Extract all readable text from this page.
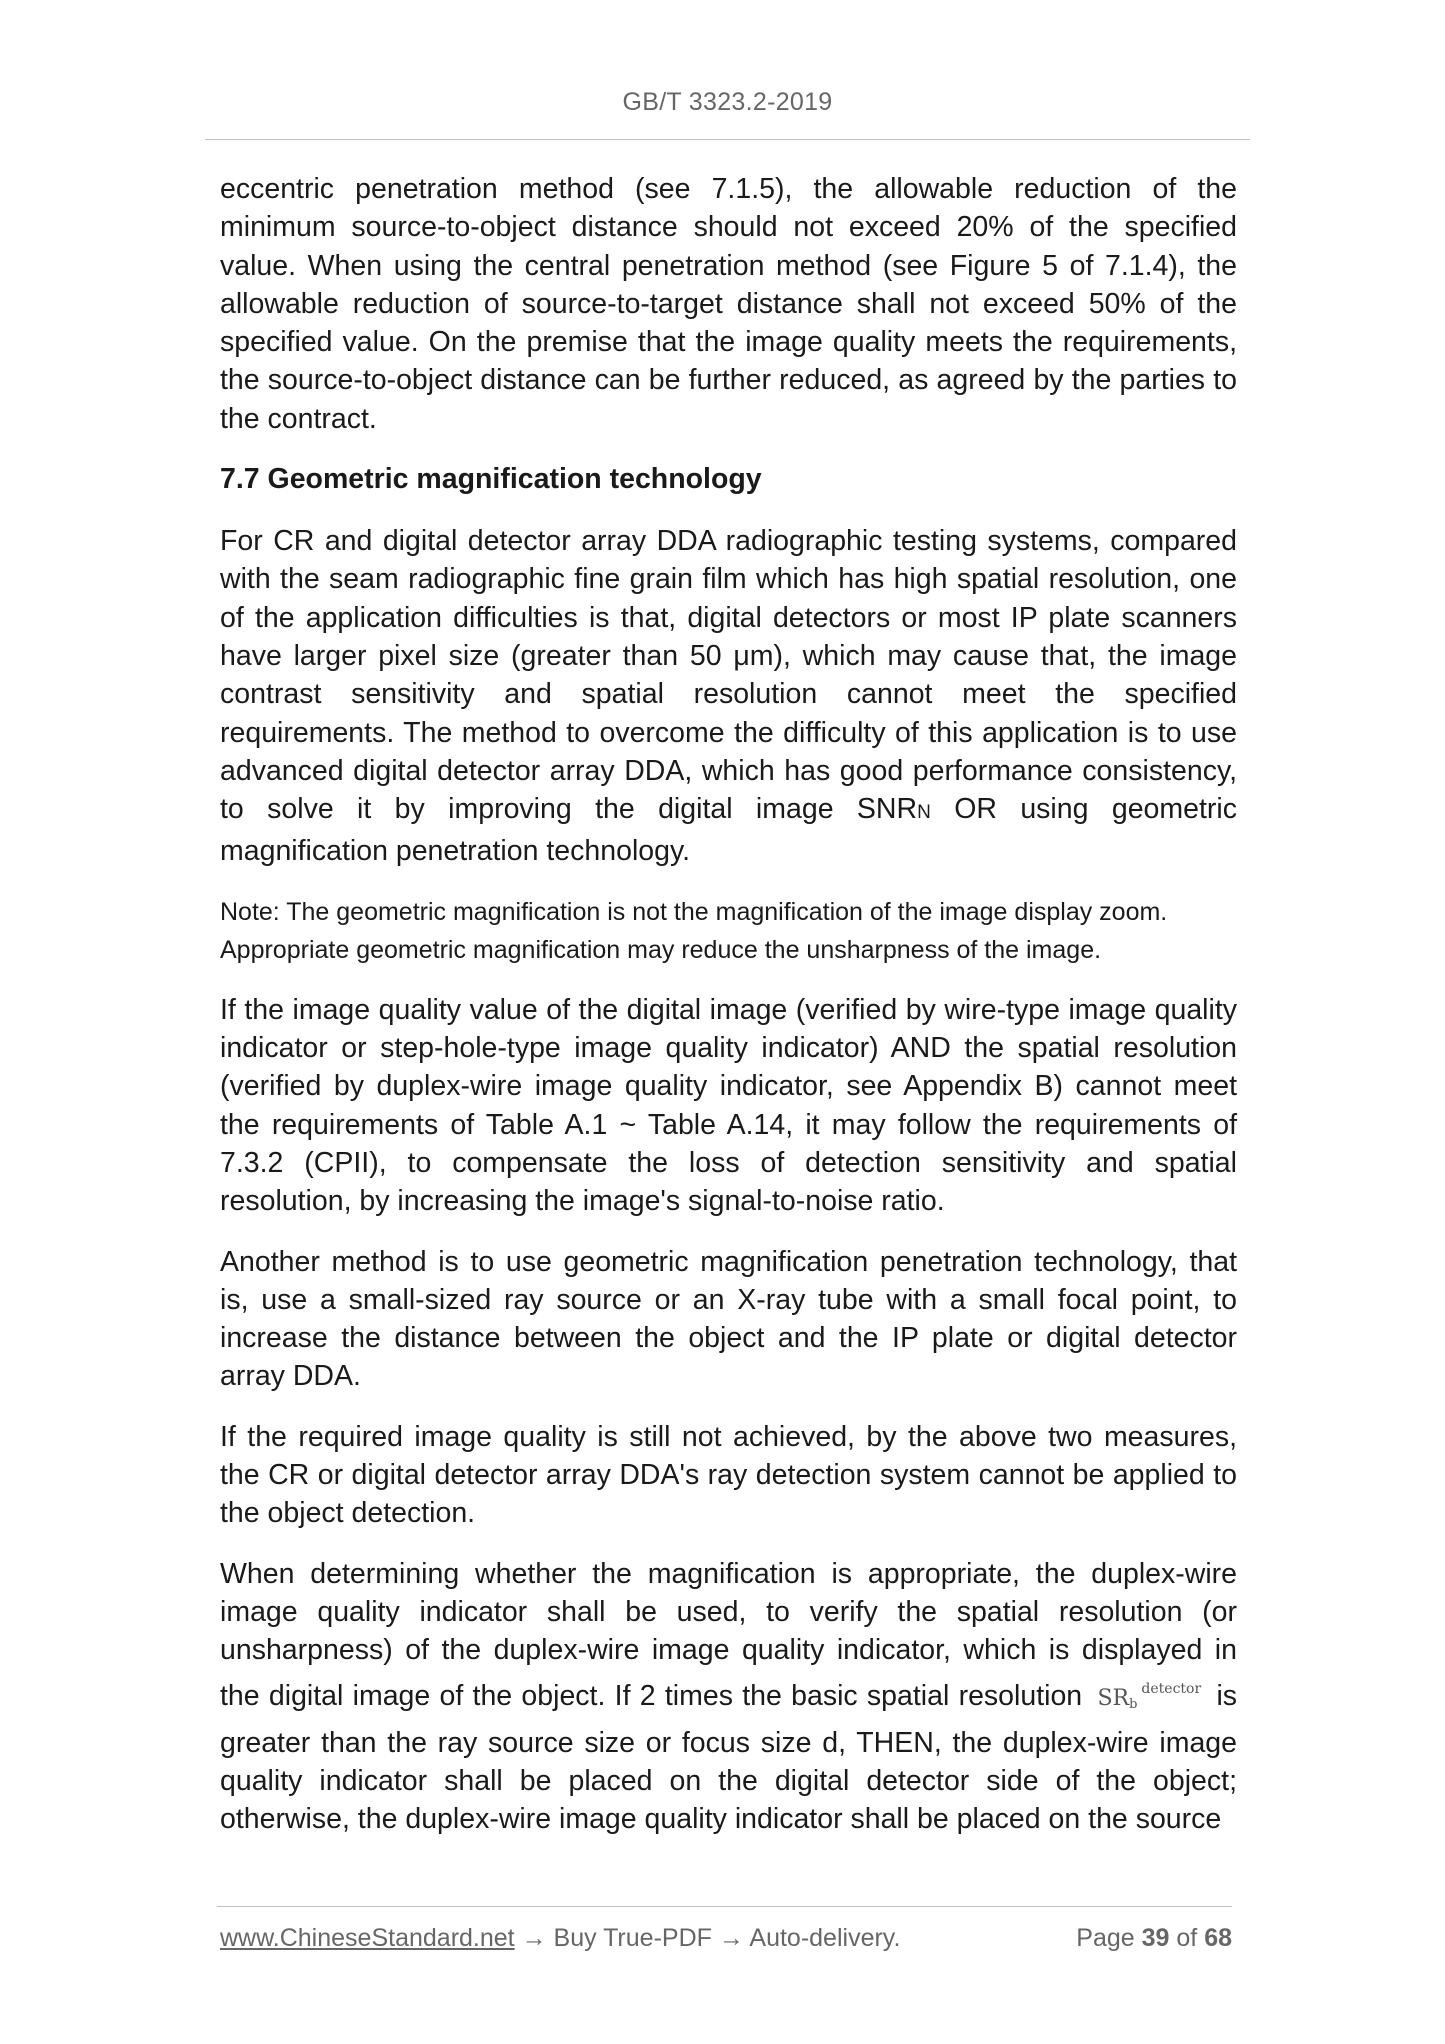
GB/T 3323.2-2019

eccentric penetration method (see 7.1.5), the allowable reduction of the minimum source-to-object distance should not exceed 20% of the specified value. When using the central penetration method (see Figure 5 of 7.1.4), the allowable reduction of source-to-target distance shall not exceed 50% of the specified value. On the premise that the image quality meets the requirements, the source-to-object distance can be further reduced, as agreed by the parties to the contract.

7.7 Geometric magnification technology

For CR and digital detector array DDA radiographic testing systems, compared with the seam radiographic fine grain film which has high spatial resolution, one of the application difficulties is that, digital detectors or most IP plate scanners have larger pixel size (greater than 50 μm), which may cause that, the image contrast sensitivity and spatial resolution cannot meet the specified requirements. The method to overcome the difficulty of this application is to use advanced digital detector array DDA, which has good performance consistency, to solve it by improving the digital image SNRN OR using geometric magnification penetration technology.

Note: The geometric magnification is not the magnification of the image display zoom.
Appropriate geometric magnification may reduce the unsharpness of the image.

If the image quality value of the digital image (verified by wire-type image quality indicator or step-hole-type image quality indicator) AND the spatial resolution (verified by duplex-wire image quality indicator, see Appendix B) cannot meet the requirements of Table A.1 ~ Table A.14, it may follow the requirements of 7.3.2 (CPII), to compensate the loss of detection sensitivity and spatial resolution, by increasing the image's signal-to-noise ratio.

Another method is to use geometric magnification penetration technology, that is, use a small-sized ray source or an X-ray tube with a small focal point, to increase the distance between the object and the IP plate or digital detector array DDA.

If the required image quality is still not achieved, by the above two measures, the CR or digital detector array DDA's ray detection system cannot be applied to the object detection.

When determining whether the magnification is appropriate, the duplex-wire image quality indicator shall be used, to verify the spatial resolution (or unsharpness) of the duplex-wire image quality indicator, which is displayed in the digital image of the object. If 2 times the basic spatial resolution SRb$^{detector}$ is greater than the ray source size or focus size d, THEN, the duplex-wire image quality indicator shall be placed on the digital detector side of the object; otherwise, the duplex-wire image quality indicator shall be placed on the source

www.ChineseStandard.net → Buy True-PDF → Auto-delivery.	Page 39 of 68
